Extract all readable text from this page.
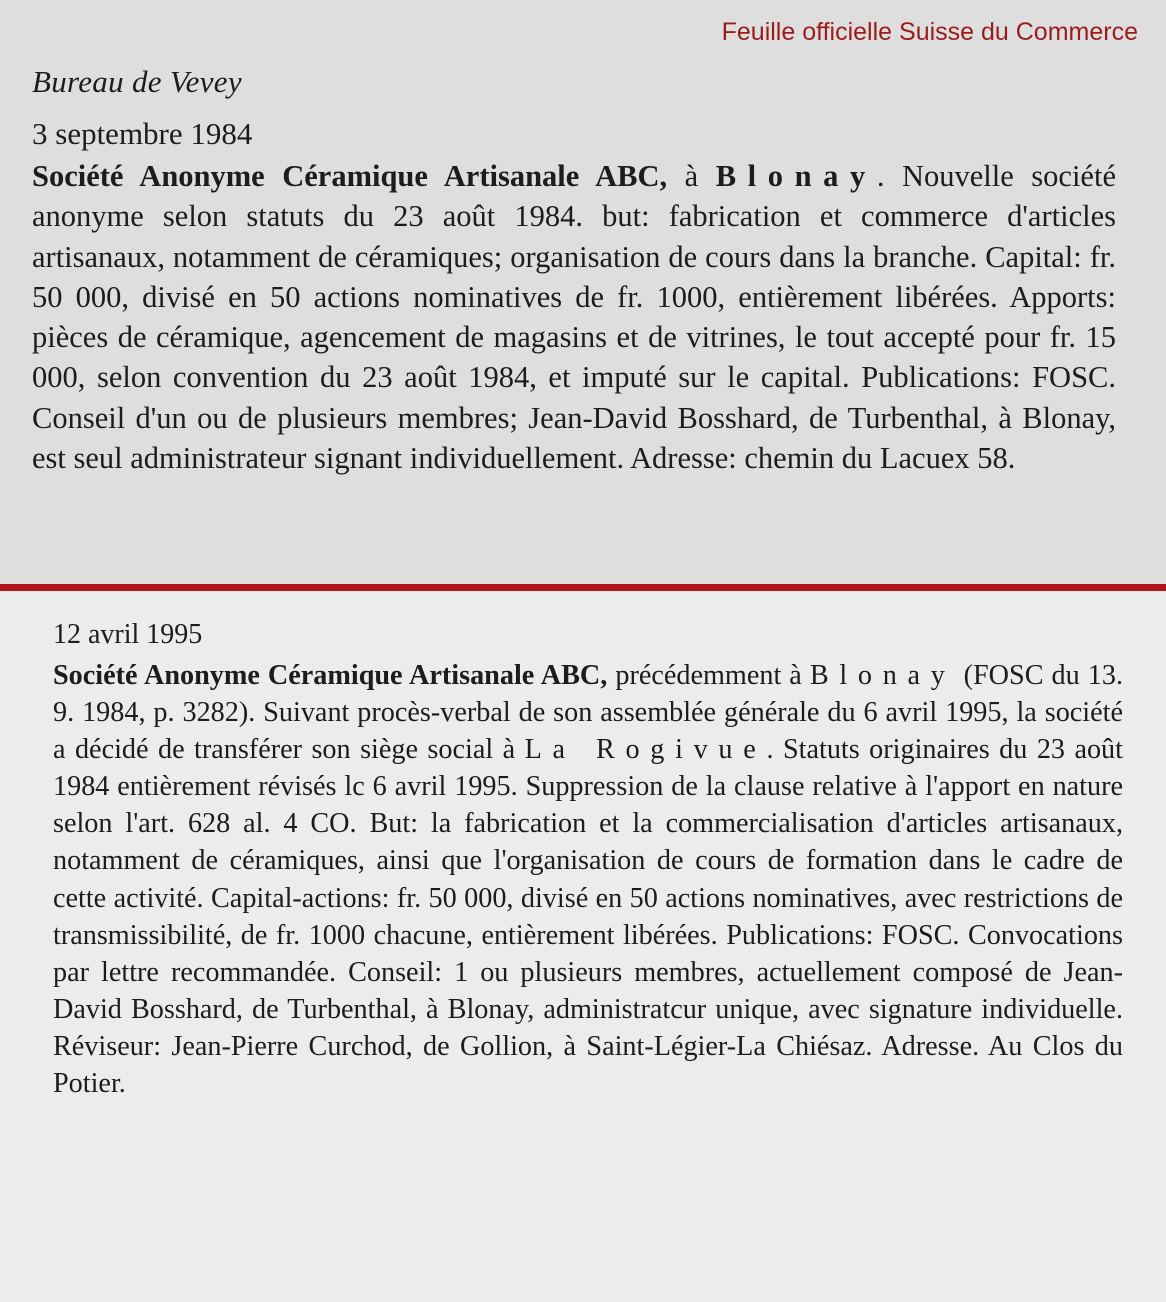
Feuille officielle Suisse du Commerce
Bureau de Vevey
3 septembre 1984

Société Anonyme Céramique Artisanale ABC, à Blonay. Nouvelle société anonyme selon statuts du 23 août 1984. but: fabrication et commerce d'articles artisanaux, notamment de céramiques; organisation de cours dans la branche. Capital: fr. 50 000, divisé en 50 actions nominatives de fr. 1000, entièrement libérées. Apports: pièces de céramique, agencement de magasins et de vitrines, le tout accepté pour fr. 15 000, selon convention du 23 août 1984, et imputé sur le capital. Publications: FOSC. Conseil d'un ou de plusieurs membres; Jean-David Bosshard, de Turbenthal, à Blonay, est seul administrateur signant individuellement. Adresse: chemin du Lacuex 58.

12 avril 1995

Société Anonyme Céramique Artisanale ABC, précédemment à Blonay (FOSC du 13. 9. 1984, p. 3282). Suivant procès-verbal de son assemblée générale du 6 avril 1995, la société a décidé de transférer son siège social à La Rogivue. Statuts originaires du 23 août 1984 entièrement révisés lc 6 avril 1995. Suppression de la clause relative à l'apport en nature selon l'art. 628 al. 4 CO. But: la fabrication et la commercialisation d'articles artisanaux, notamment de céramiques, ainsi que l'organisation de cours de formation dans le cadre de cette activité. Capital-actions: fr. 50 000, divisé en 50 actions nominatives, avec restrictions de transmissibilité, de fr. 1000 chacune, entièrement libérées. Publications: FOSC. Convocations par lettre recommandée. Conseil: 1 ou plusieurs membres, actuellement composé de Jean-David Bosshard, de Turbenthal, à Blonay, administratcur unique, avec signature individuelle. Réviseur: Jean-Pierre Curchod, de Gollion, à Saint-Légier-La Chiésaz. Adresse. Au Clos du Potier.
